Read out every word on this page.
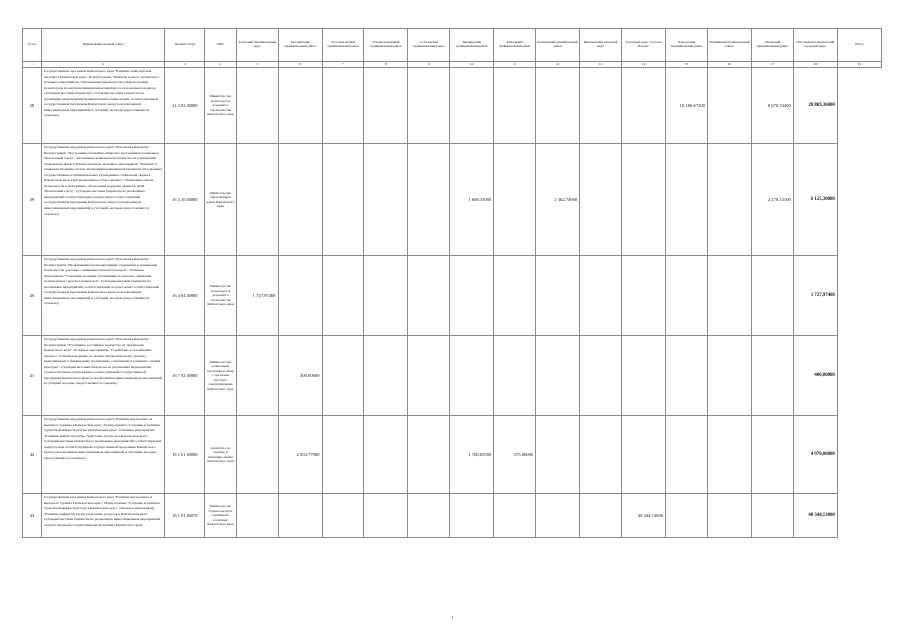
№ п/п	Наименование целевой статьи	Целевая статья	ГРБС	Алеутский муниципальный округ	Быстринский муниципальный район	Усть-Камчатский муниципальный район	Усть-Большерецкий муниципальный район	Соболевский муниципальный район	Мильковский муниципальный район	Елизовский муниципальный район	Карагинский муниципальный район	Вилючинский городской округ	Городской округ "поселок Палана"	Олюторский муниципальный район	Пенжинский муниципальный район	Тигильский муниципальный район	Петропавловск-Камчатский городской округ	Итого
1	2	3	4	5	6	7	8	9	10	11	12	13	14	15	16	17	18	19
38	Государственная программа Камчатского края "Развитие транспортной системы в Камчатском крае". Подпрограмма "Развитие водного транспорта". Основное мероприятие "Организация перевозок пассажиров водным транспортом на внутримуниципальных маршрутах на начальном периоде субсидиям местным бюджетам". Субсидии местным бюджетам на реализацию мероприятий муниципальных подпрограмм, соответствующей государственной программы Камчатского края (за исключением инвестиционных мероприятий и субсидий, которые предоставляются отдельно)	21 2 02 40080	Министерство транспорта и дорожного строительства Камчатского края											10 186,67200		8 670,53400	28 869,36000	
39	Государственная программа Камчатского края "Безопасная Камчатка". Подпрограмма "Построение и развитие аппаратно-программного комплекса "Безопасный город", обеспечение комплексной безопасности учреждений социальной сферы в Камчатском крае. Основное мероприятие "Развитие и совершенствование систем обеспечения комплексной безопасности в краевых государственных и муниципальных учреждениях социальной сферы в Камчатском крае. Централизованное сбора данных с объектовых систем безопасности в интеграцию, обеспечение передачи данных в АПК "Безопасный город". Субсидии местным бюджетам на реализацию мероприятий соответствующих подпрограмм соответствующей государственной программы Камчатского края (за исключением инвестиционных мероприятий и субсидий, которые предоставляются отдельно)	16 3 10 40080	Министерство образования и науки Камчатского края						1 668,33000		2 362,74900					2 270,13100	6 125,30000	
40	Государственная программа Камчатского края "Безопасная Камчатка". Подпрограмма "Профилактика правонарушений, терроризма и повышение безопасности дорожного движения в Камчатском крае". Основное мероприятие "Совершенствование организации безопасного движения транспортных средств и пешеходов". Субсидии местным бюджетам на реализацию мероприятий соответствующих подпрограмм соответствующей государственной программы Камчатского края (за исключением инвестиционных мероприятий и субсидий, которые предоставляются отдельно)	16 4 04 40080	Министерство транспорта и дорожного строительства Камчатского края	1 727,97468													1 727,97468	
41	Государственная программа Камчатского края "Безопасная Камчатка". Подпрограмма "Устойчивое российское казачество на территории Камчатского края". Основное мероприятие "Содействие в организации работы с сетевой молодежью, ее военно-патриотическому, духовно-нравственному и физическому воспитанию, сохранению и развитию сетевой культуры". Субсидии местным бюджетам на реализацию мероприятий соответствующих подпрограмм соответствующей государственной программы Камчатского края (за исключением инвестиционных мероприятий и субсидий, которые предоставляются отдельно)	16 7 02 40080	Министерство социальных программ и связи с органами местного самоуправления Камчатского края		400,00000												400,00000	
42	Государственная программа Камчатского края "Развитие внутреннего и въездного туризма в Камчатском крае". Подпрограмма "Создание и развитие туристской инфраструктуры в Камчатском крае". Основное мероприятие "Развитие инфраструктуры туристских ресурсов в Камчатском крае". Субсидии местным бюджетам на реализацию мероприятий соответствующих подпрограмм соответствующей государственной программы Камчатского края (за исключением инвестиционных мероприятий и субсидий, которые предоставляются отдельно)	18 1 01 40080	Агентство по туризму и внешним связям Камчатского края		2 833,77900				1 760,65500	375,60000							4 970,00000	
43	Государственная программа Камчатского края "Развитие внутреннего и въездного туризма в Камчатском крае". Подпрограмма "Создание и развитие туристской инфраструктуры в Камчатском крае". Основное мероприятие "Развитие инфраструктуры туристских ресурсов в Камчатском крае". Субсидии местным бюджетам на реализацию инвестиционных мероприятий соответствующей государственной программы Камчатского края	18 1 01 40070	Министерство строительства и жилищной политики Камчатского края										40 344,13000				40 344,13000	
1
